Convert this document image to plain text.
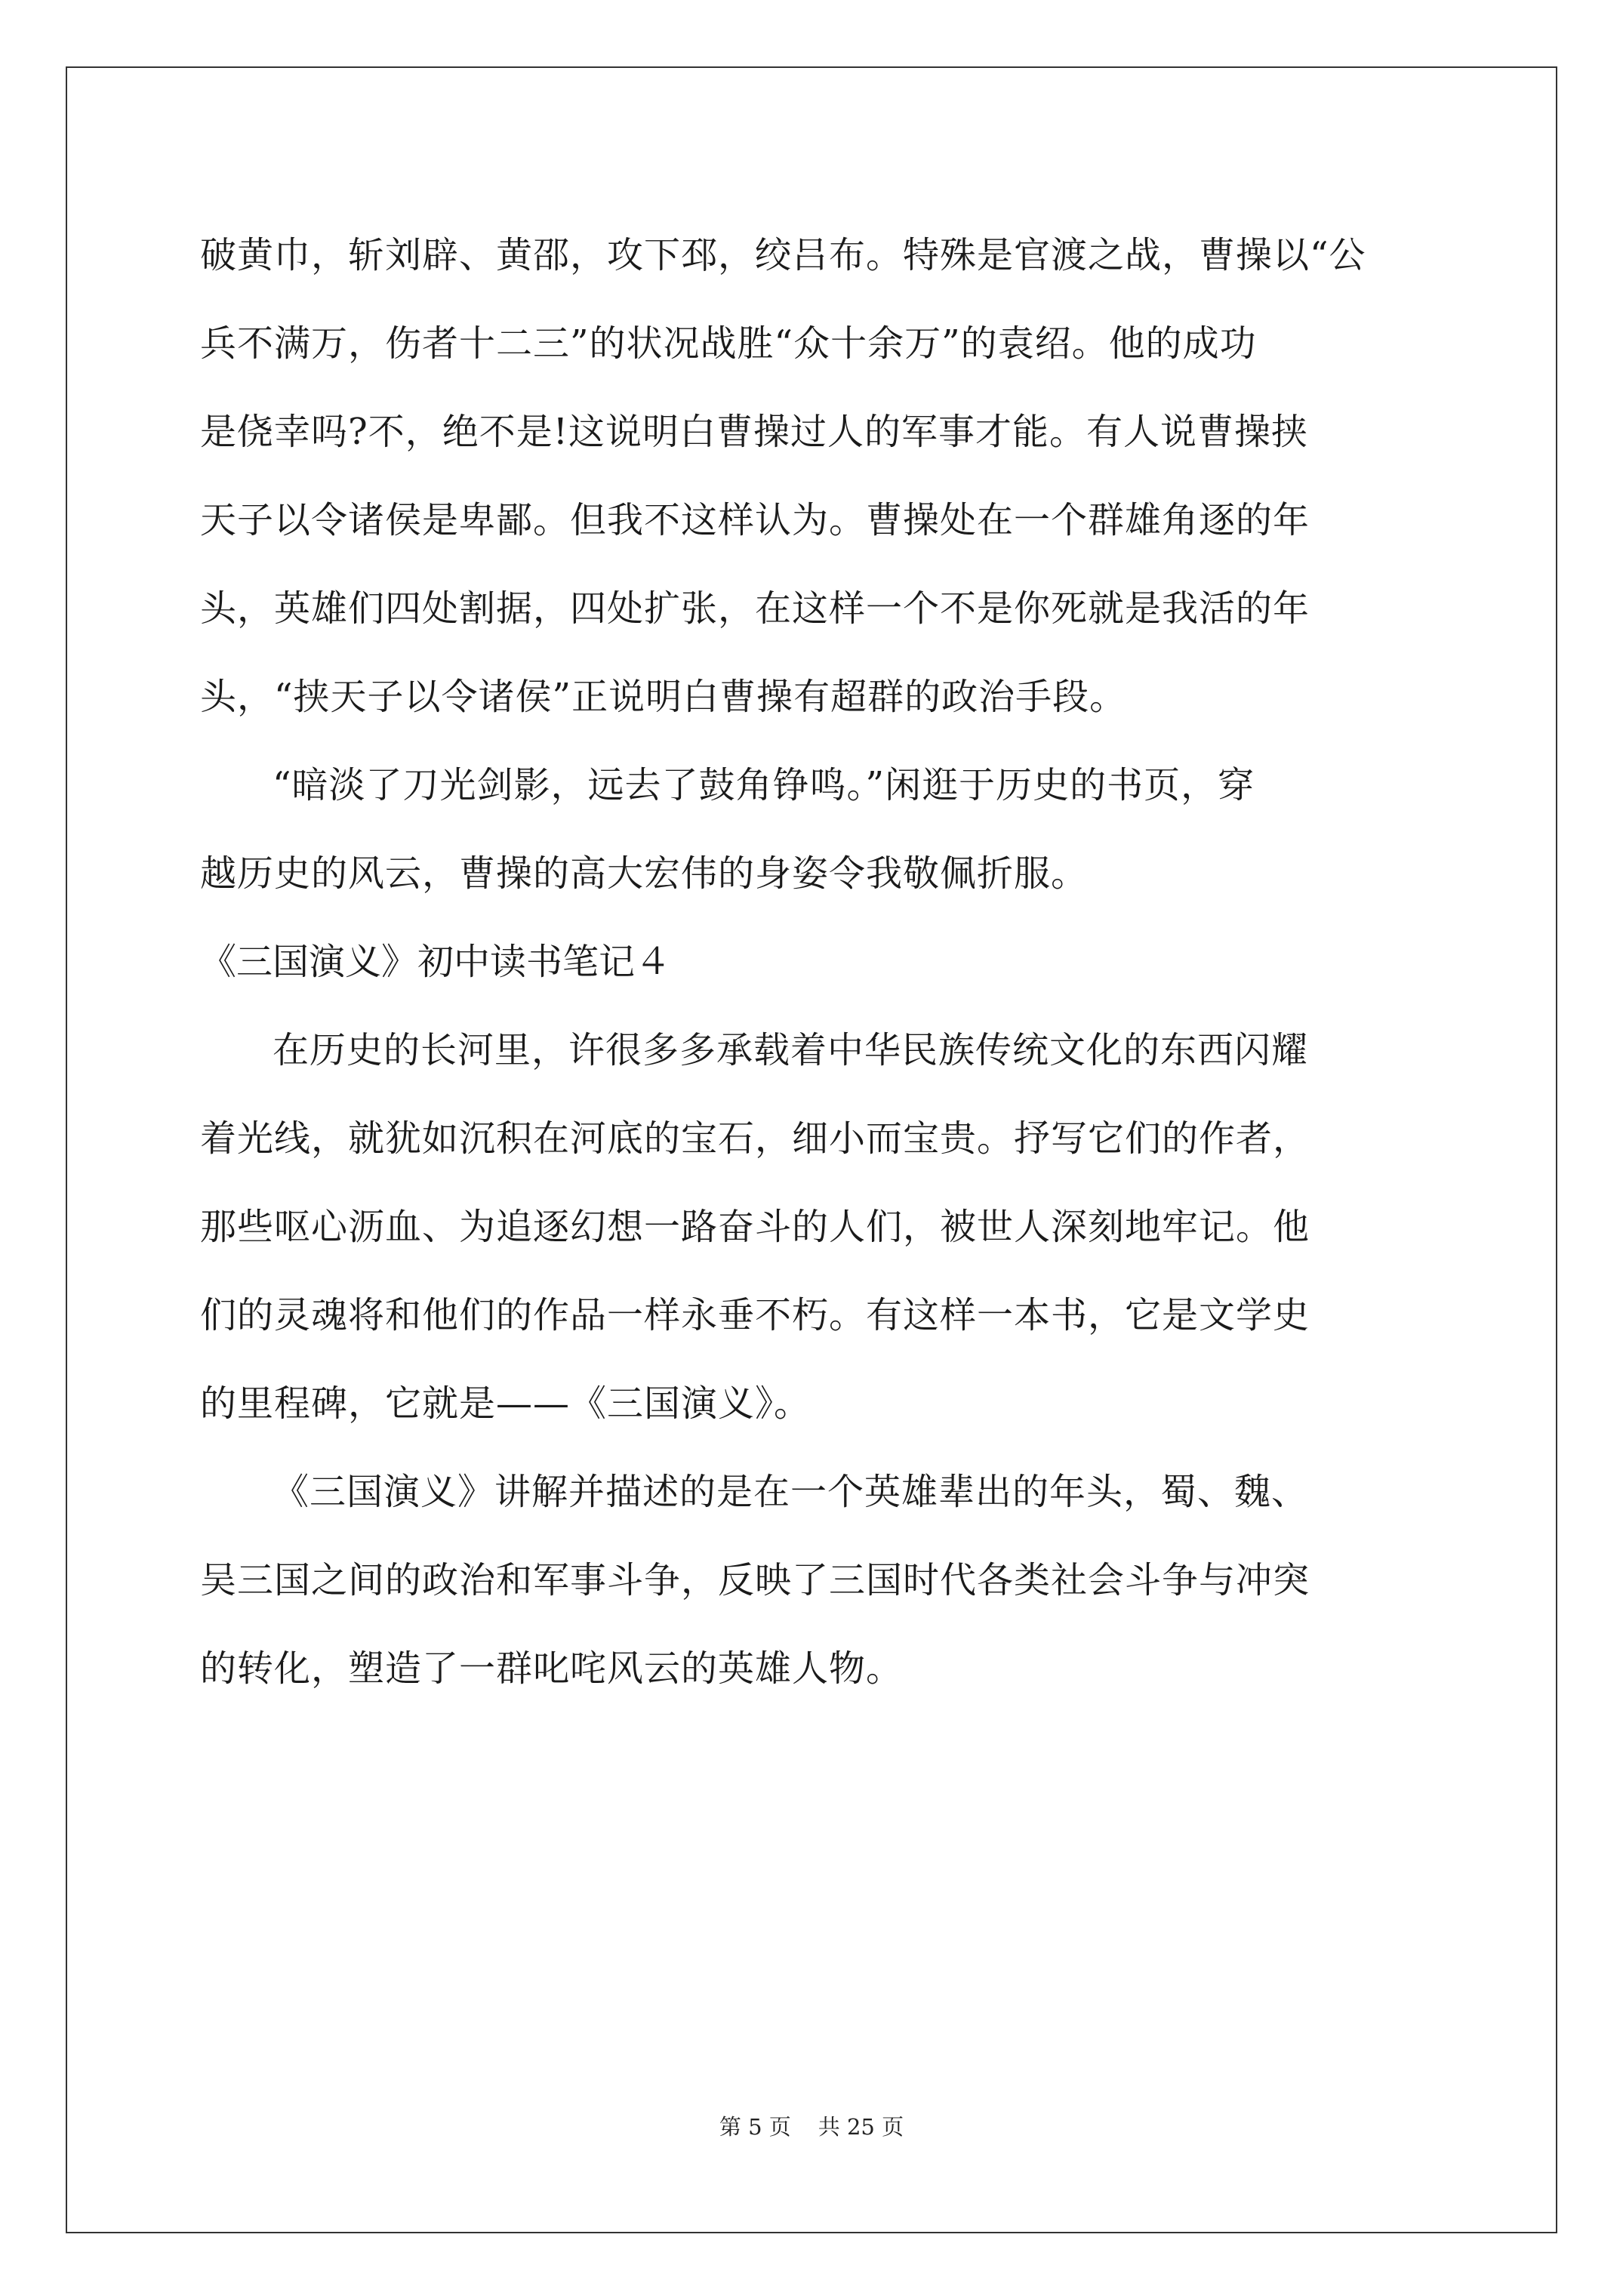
破黄巾，斩刘辟、黄邵，攻下邳，绞吕布。特殊是官渡之战，曹操以“公
兵不满万，伤者十二三”的状况战胜“众十余万”的袁绍。他的成功
是侥幸吗?不，绝不是!这说明白曹操过人的军事才能。有人说曹操挟
天子以令诸侯是卑鄙。但我不这样认为。曹操处在一个群雄角逐的年
头，英雄们四处割据，四处扩张，在这样一个不是你死就是我活的年
头，“挟天子以令诸侯”正说明白曹操有超群的政治手段。
“暗淡了刀光剑影，远去了鼓角铮鸣。”闲逛于历史的书页，穿
越历史的风云，曹操的高大宏伟的身姿令我敬佩折服。
《三国演义》初中读书笔记４
在历史的长河里，许很多多承载着中华民族传统文化的东西闪耀
着光线，就犹如沉积在河底的宝石，细小而宝贵。抒写它们的作者，
那些呕心沥血、为追逐幻想一路奋斗的人们，被世人深刻地牢记。他
们的灵魂将和他们的作品一样永垂不朽。有这样一本书，它是文学史
的里程碑，它就是——《三国演义》。
《三国演义》讲解并描述的是在一个英雄辈出的年头，蜀、魏、
吴三国之间的政治和军事斗争，反映了三国时代各类社会斗争与冲突
的转化，塑造了一群叱咤风云的英雄人物。
第 5 页 共 25 页
